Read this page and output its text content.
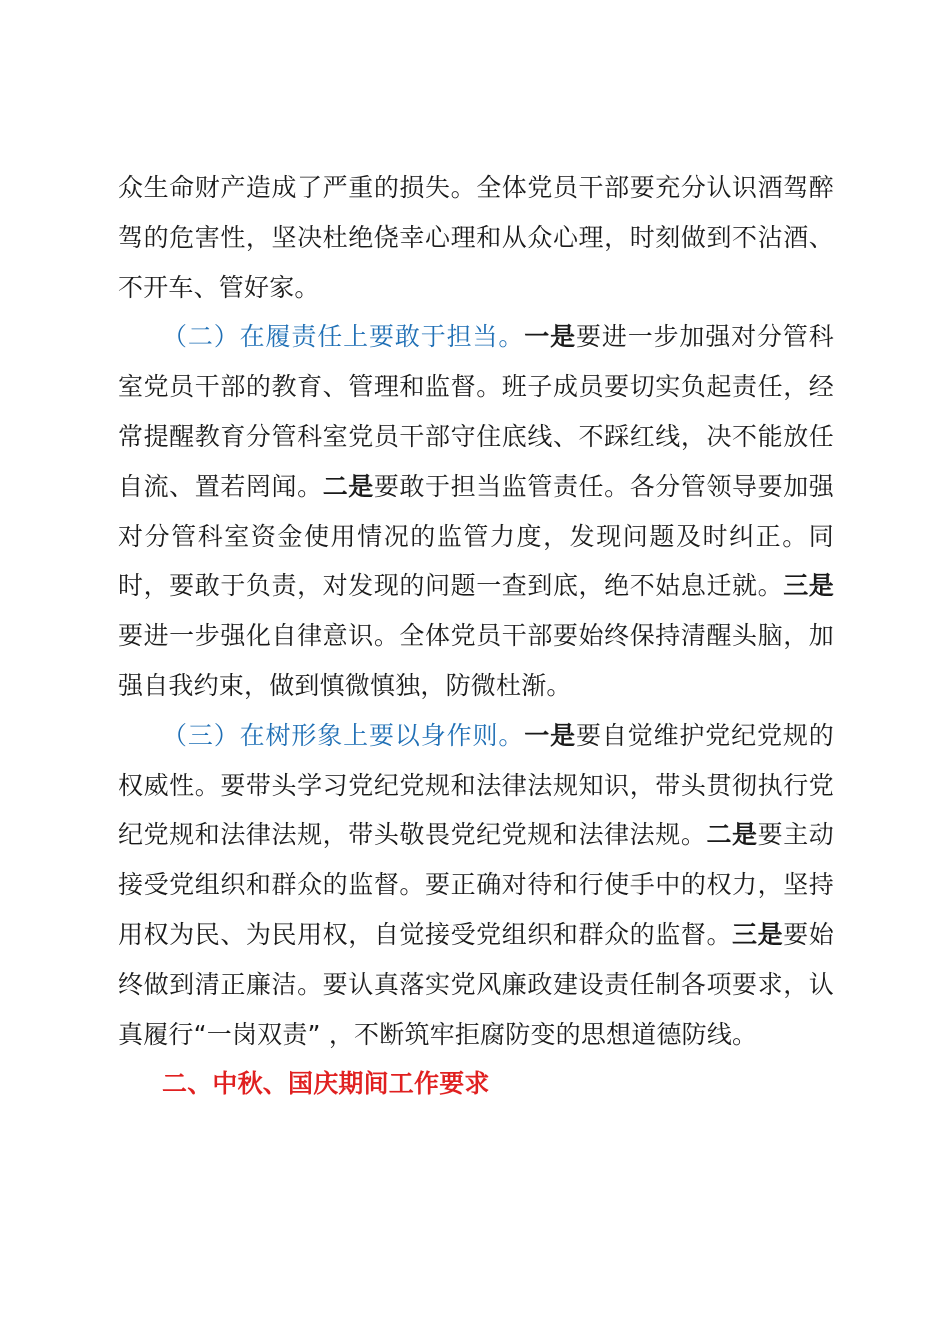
众生命财产造成了严重的损失。全体党员干部要充分认识酒驾醉驾的危害性，坚决杜绝侥幸心理和从众心理，时刻做到不沾酒、不开车、管好家。

（二）在履责任上要敢于担当。一是要进一步加强对分管科室党员干部的教育、管理和监督。班子成员要切实负起责任，经常提醒教育分管科室党员干部守住底线、不踩红线，决不能放任自流、置若罔闻。二是要敢于担当监管责任。各分管领导要加强对分管科室资金使用情况的监管力度，发现问题及时纠正。同时，要敢于负责，对发现的问题一查到底，绝不姑息迁就。三是要进一步强化自律意识。全体党员干部要始终保持清醒头脑，加强自我约束，做到慎微慎独，防微杜渐。

（三）在树形象上要以身作则。一是要自觉维护党纪党规的权威性。要带头学习党纪党规和法律法规知识，带头贯彻执行党纪党规和法律法规，带头敬畏党纪党规和法律法规。二是要主动接受党组织和群众的监督。要正确对待和行使手中的权力，坚持用权为民、为民用权，自觉接受党组织和群众的监督。三是要始终做到清正廉洁。要认真落实党风廉政建设责任制各项要求，认真履行“一岗双责” ，不断筑牢拒腐防变的思想道德防线。

二、中秋、国庆期间工作要求
